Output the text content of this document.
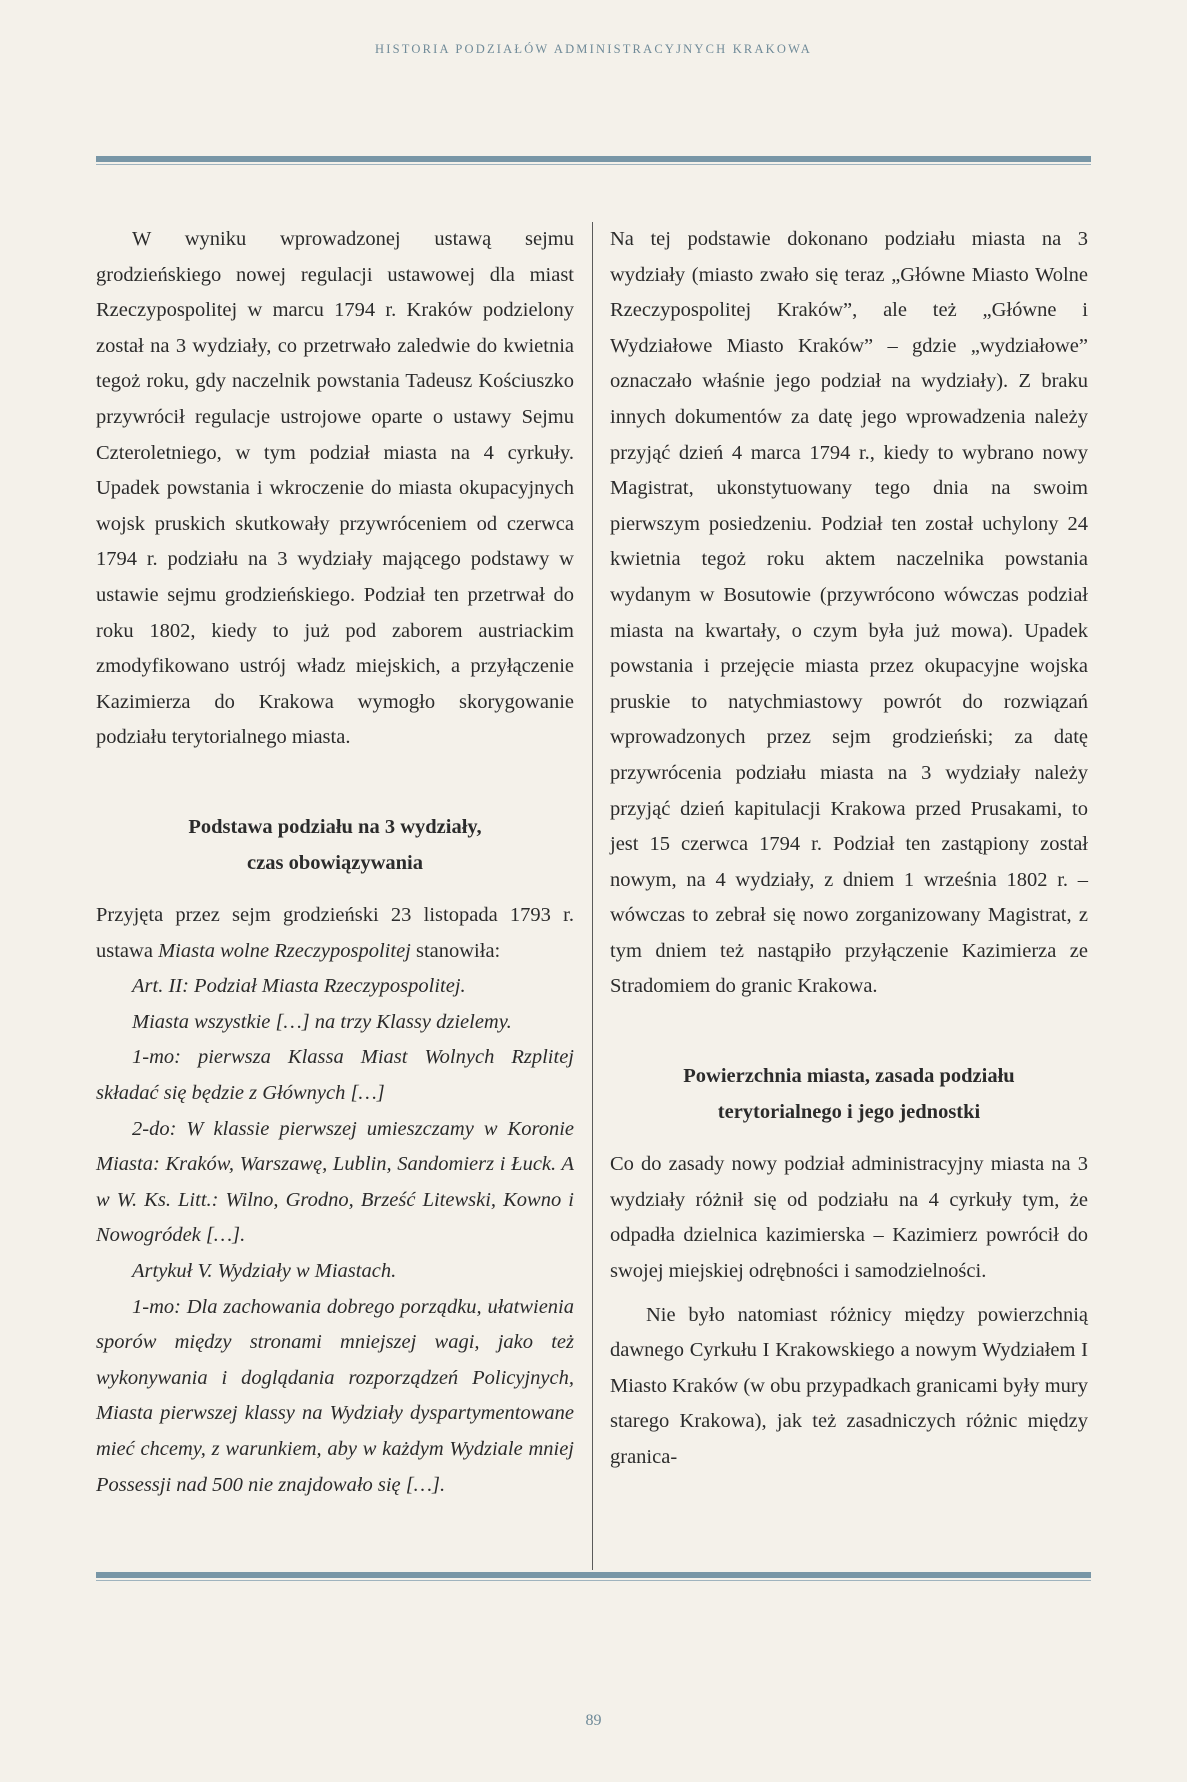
HISTORIA PODZIAŁÓW ADMINISTRACYJNYCH KRAKOWA

W wyniku wprowadzonej ustawą sejmu grodzieńskiego nowej regulacji ustawowej dla miast Rzeczypospolitej w marcu 1794 r. Kraków podzielony został na 3 wydziały, co przetrwało zaledwie do kwietnia tegoż roku, gdy naczelnik powstania Tadeusz Kościuszko przywrócił regulacje ustrojowe oparte o ustawy Sejmu Czteroletniego, w tym podział miasta na 4 cyrkuły. Upadek powstania i wkroczenie do miasta okupacyjnych wojsk pruskich skutkowały przywróceniem od czerwca 1794 r. podziału na 3 wydziały mającego podstawy w ustawie sejmu grodzieńskiego. Podział ten przetrwał do roku 1802, kiedy to już pod zaborem austriackim zmodyfikowano ustrój władz miejskich, a przyłączenie Kazimierza do Krakowa wymogło skorygowanie podziału terytorialnego miasta.

Podstawa podziału na 3 wydziały,
czas obowiązywania

Przyjęta przez sejm grodzieński 23 listopada 1793 r. ustawa Miasta wolne Rzeczypospolitej stanowiła:

Art. II: Podział Miasta Rzeczypospolitej.
Miasta wszystkie […] na trzy Klassy dzielemy.
1-mo: pierwsza Klassa Miast Wolnych Rzplitej składać się będzie z Głównych […]
2-do: W klassie pierwszej umieszczamy w Koronie Miasta: Kraków, Warszawę, Lublin, Sandomierz i Łuck. A w W. Ks. Litt.: Wilno, Grodno, Brześć Litewski, Kowno i Nowogródek […].
Artykuł V. Wydziały w Miastach.
1-mo: Dla zachowania dobrego porządku, ułatwienia sporów między stronami mniejszej wagi, jako też wykonywania i doglądania rozporządzeń Policyjnych, Miasta pierwszej klassy na Wydziały dyspartymentowane mieć chcemy, z warunkiem, aby w każdym Wydziale mniej Possessji nad 500 nie znajdowało się […].

Na tej podstawie dokonano podziału miasta na 3 wydziały (miasto zwało się teraz „Główne Miasto Wolne Rzeczypospolitej Kraków”, ale też „Główne i Wydziałowe Miasto Kraków” – gdzie „wydziałowe” oznaczało właśnie jego podział na wydziały). Z braku innych dokumentów za datę jego wprowadzenia należy przyjąć dzień 4 marca 1794 r., kiedy to wybrano nowy Magistrat, ukonstytuowany tego dnia na swoim pierwszym posiedzeniu. Podział ten został uchylony 24 kwietnia tegoż roku aktem naczelnika powstania wydanym w Bosutowie (przywrócono wówczas podział miasta na kwartały, o czym była już mowa). Upadek powstania i przejęcie miasta przez okupacyjne wojska pruskie to natychmiastowy powrót do rozwiązań wprowadzonych przez sejm grodzieński; za datę przywrócenia podziału miasta na 3 wydziały należy przyjąć dzień kapitulacji Krakowa przed Prusakami, to jest 15 czerwca 1794 r. Podział ten zastąpiony został nowym, na 4 wydziały, z dniem 1 września 1802 r. – wówczas to zebrał się nowo zorganizowany Magistrat, z tym dniem też nastąpiło przyłączenie Kazimierza ze Stradomiem do granic Krakowa.

Powierzchnia miasta, zasada podziału
terytorialnego i jego jednostki

Co do zasady nowy podział administracyjny miasta na 3 wydziały różnił się od podziału na 4 cyrkuły tym, że odpadła dzielnica kazimierska – Kazimierz powrócił do swojej miejskiej odrębności i samodzielności.

Nie było natomiast różnicy między powierzchnią dawnego Cyrkułu I Krakowskiego a nowym Wydziałem I Miasto Kraków (w obu przypadkach granicami były mury starego Krakowa), jak też zasadniczych różnic między granica-

89
